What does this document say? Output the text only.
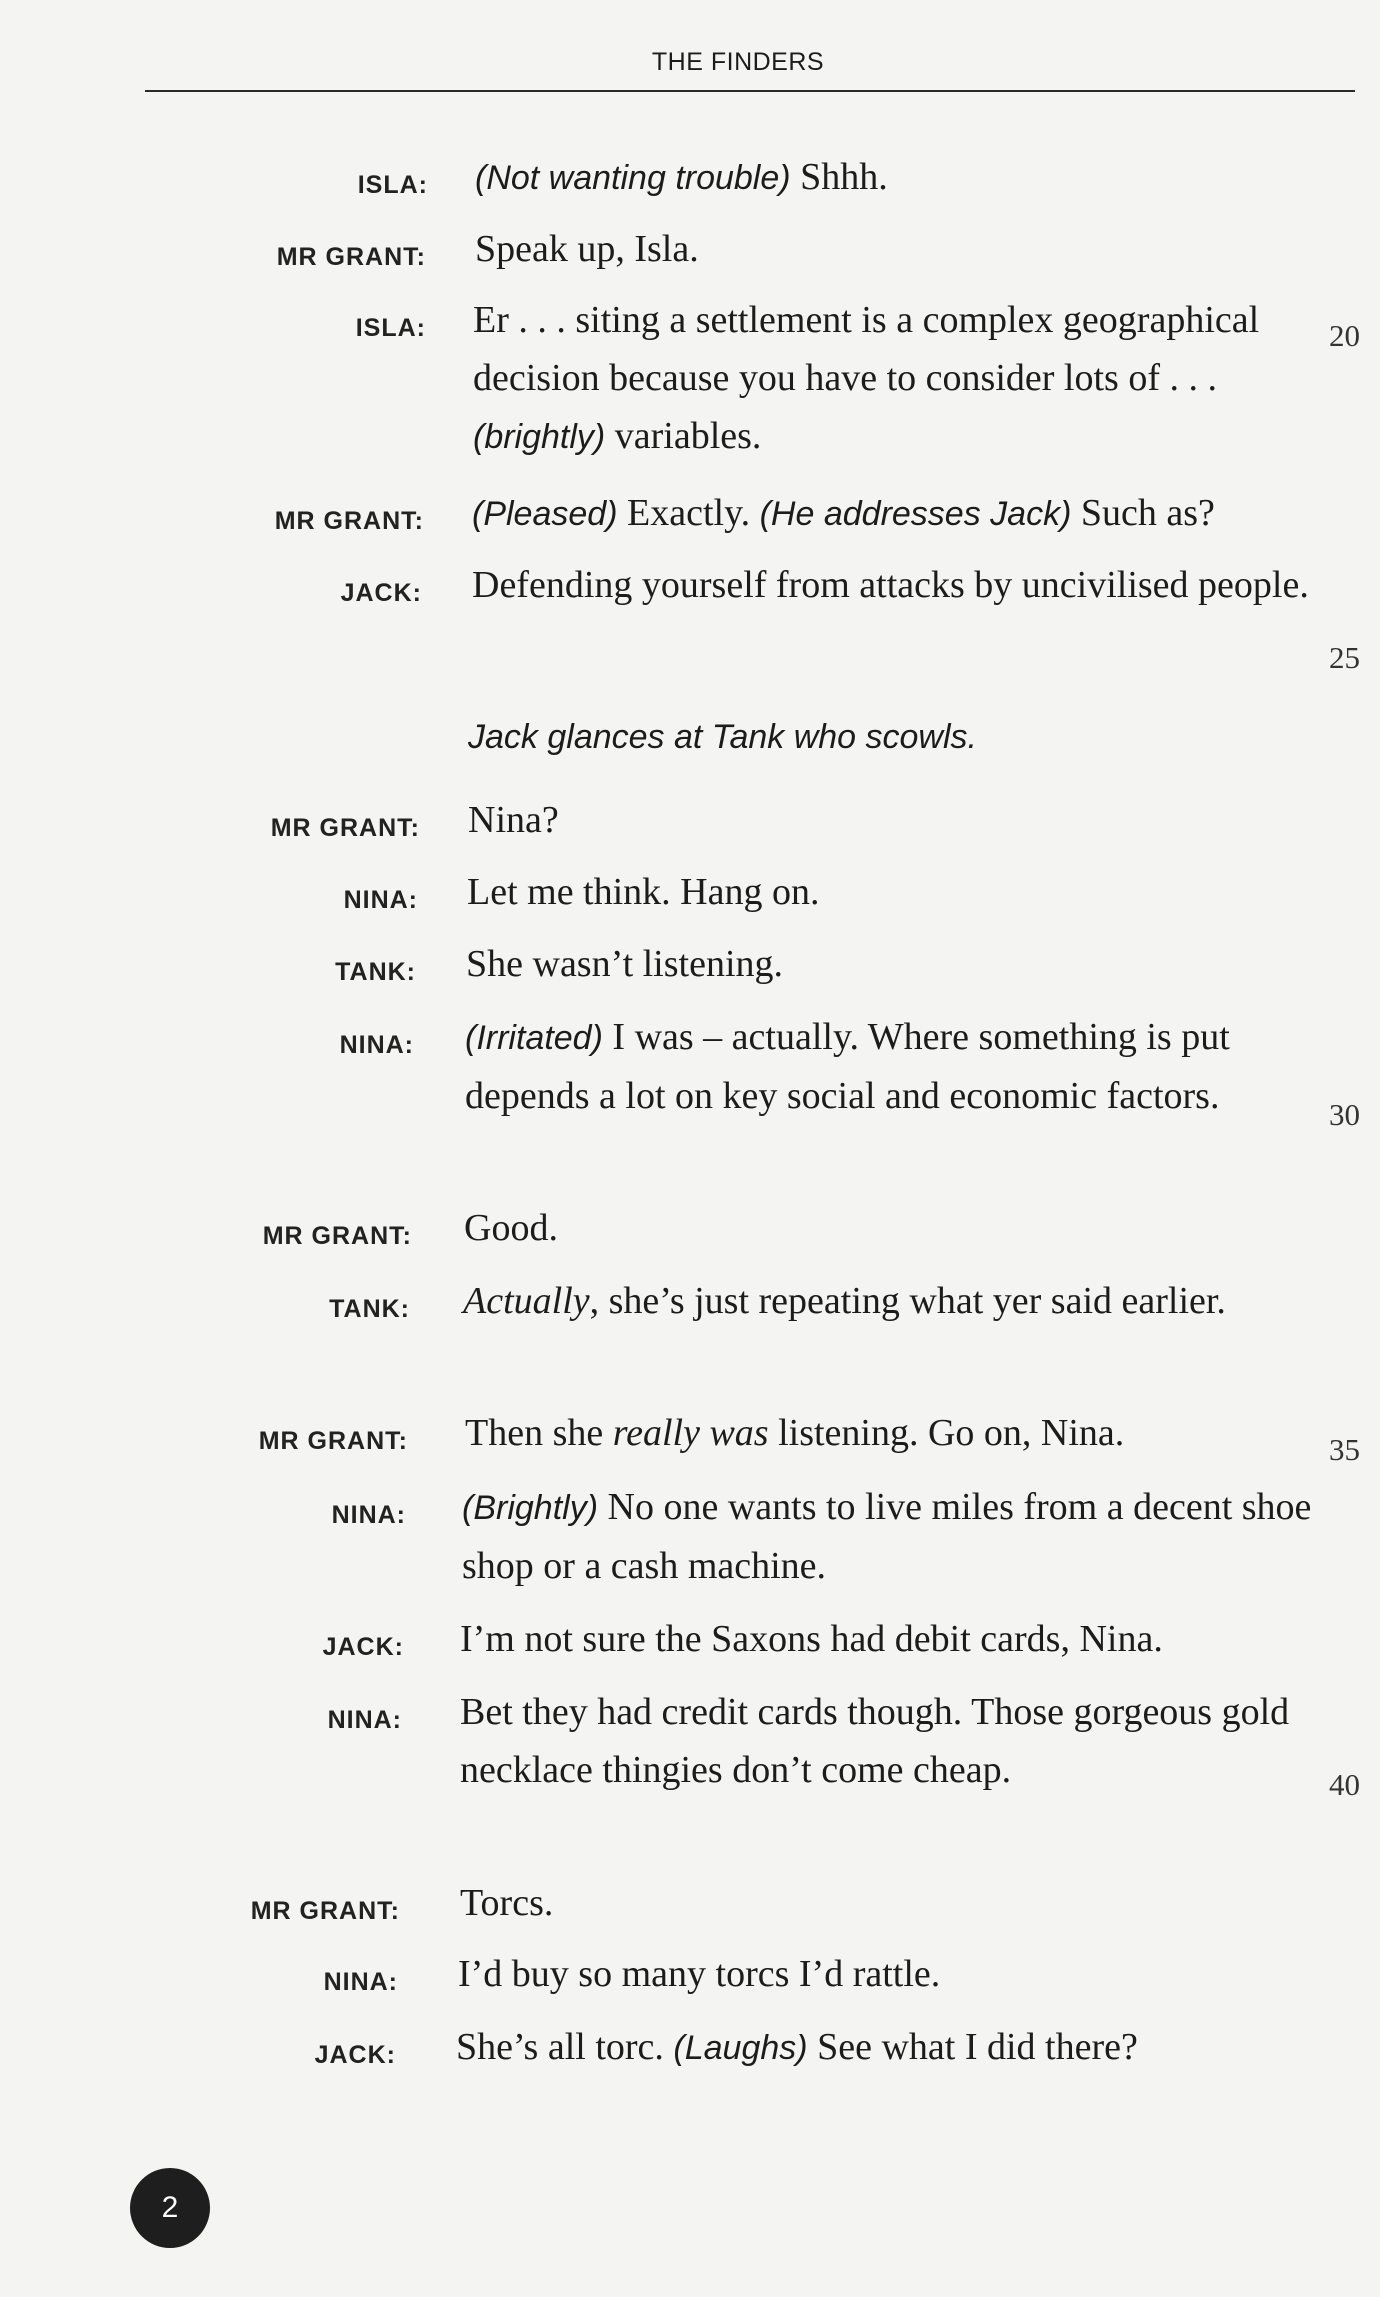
THE FINDERS
ISLA: (Not wanting trouble) Shhh.
MR GRANT: Speak up, Isla.
ISLA: Er . . . siting a settlement is a complex geographical decision because you have to consider lots of . . . (brightly) variables.
MR GRANT: (Pleased) Exactly. (He addresses Jack) Such as?
JACK: Defending yourself from attacks by uncivilised people.
Jack glances at Tank who scowls.
MR GRANT: Nina?
NINA: Let me think. Hang on.
TANK: She wasn’t listening.
NINA: (Irritated) I was – actually. Where something is put depends a lot on key social and economic factors.
MR GRANT: Good.
TANK: Actually, she’s just repeating what yer said earlier.
MR GRANT: Then she really was listening. Go on, Nina.
NINA: (Brightly) No one wants to live miles from a decent shoe shop or a cash machine.
JACK: I’m not sure the Saxons had debit cards, Nina.
NINA: Bet they had credit cards though. Those gorgeous gold necklace thingies don’t come cheap.
MR GRANT: Torcs.
NINA: I’d buy so many torcs I’d rattle.
JACK: She’s all torc. (Laughs) See what I did there?
20
25
30
35
40
2
